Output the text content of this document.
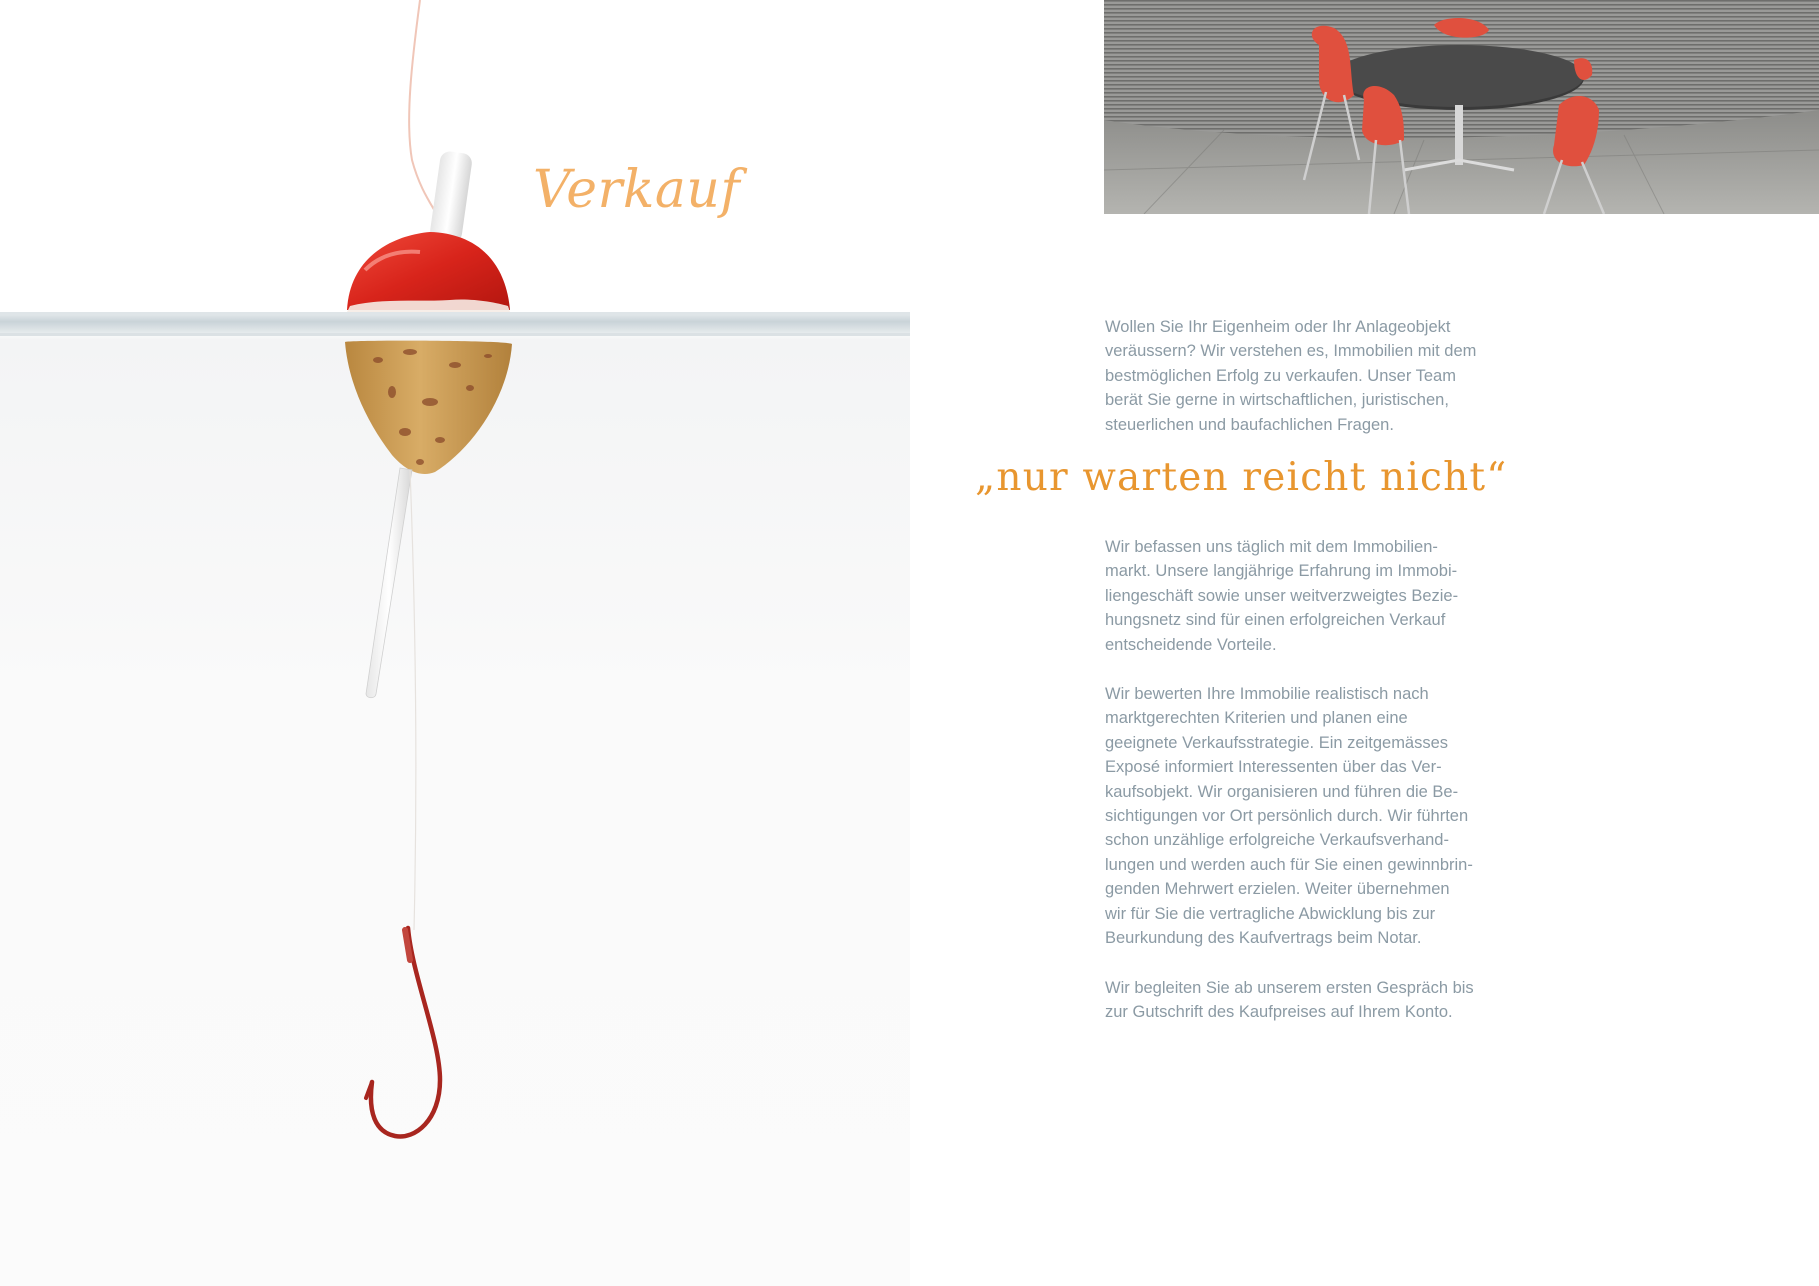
Verkauf

Wollen Sie Ihr Eigenheim oder Ihr Anlageobjekt
veräussern? Wir verstehen es, Immobilien mit dem
bestmöglichen Erfolg zu verkaufen. Unser Team
berät Sie gerne in wirtschaftlichen, juristischen,
steuerlichen und baufachlichen Fragen.

„nur warten reicht nicht“

Wir befassen uns täglich mit dem Immobilien-
markt. Unsere langjährige Erfahrung im Immobi-
liengeschäft sowie unser weitverzweigtes Bezie-
hungsnetz sind für einen erfolgreichen Verkauf
entscheidende Vorteile.

Wir bewerten Ihre Immobilie realistisch nach
marktgerechten Kriterien und planen eine
geeignete Verkaufsstrategie. Ein zeitgemässes
Exposé informiert Interessenten über das Ver-
kaufsobjekt. Wir organisieren und führen die Be-
sichtigungen vor Ort persönlich durch. Wir führten
schon unzählige erfolgreiche Verkaufsverhand-
lungen und werden auch für Sie einen gewinnbrin-
genden Mehrwert erzielen. Weiter übernehmen
wir für Sie die vertragliche Abwicklung bis zur
Beurkundung des Kaufvertrags beim Notar.

Wir begleiten Sie ab unserem ersten Gespräch bis
zur Gutschrift des Kaufpreises auf Ihrem Konto.
